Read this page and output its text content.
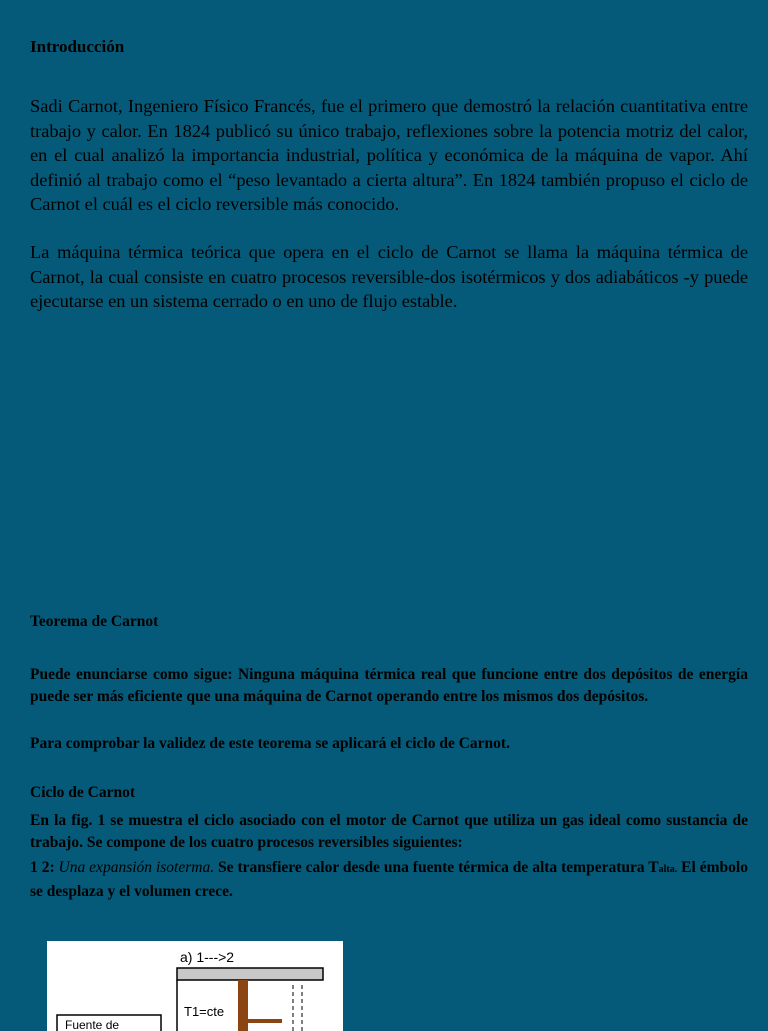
Introducción

Sadi Carnot, Ingeniero Físico Francés, fue el primero que demostró la relación cuantitativa entre trabajo y calor. En 1824 publicó su único trabajo, reflexiones sobre la potencia motriz del calor, en el cual analizó la importancia industrial, política y económica de la máquina de vapor. Ahí definió al trabajo como el “peso levantado a cierta altura”. En 1824 también propuso el ciclo de Carnot el cuál es el ciclo reversible más conocido.

La máquina térmica teórica que opera en el ciclo de Carnot se llama la máquina térmica de Carnot, la cual consiste en cuatro procesos reversible-dos isotérmicos y dos adiabáticos -y puede ejecutarse en un sistema cerrado o en uno de flujo estable.

Teorema de Carnot

Puede enunciarse como sigue: Ninguna máquina térmica real que funcione entre dos depósitos de energía puede ser más eficiente que una máquina de Carnot operando entre los mismos dos depósitos.

Para comprobar la validez de este teorema se aplicará el ciclo de Carnot.

Ciclo de Carnot

En la fig. 1 se muestra el ciclo asociado con el motor de Carnot que utiliza un gas ideal como sustancia de trabajo. Se compone de los cuatro procesos reversibles siguientes:

1 2: Una expansión isoterma. Se transfiere calor desde una fuente térmica de alta temperatura Talta. El émbolo se desplaza y el volumen crece.

a) 1--->2
T1=cte
Fuente de
